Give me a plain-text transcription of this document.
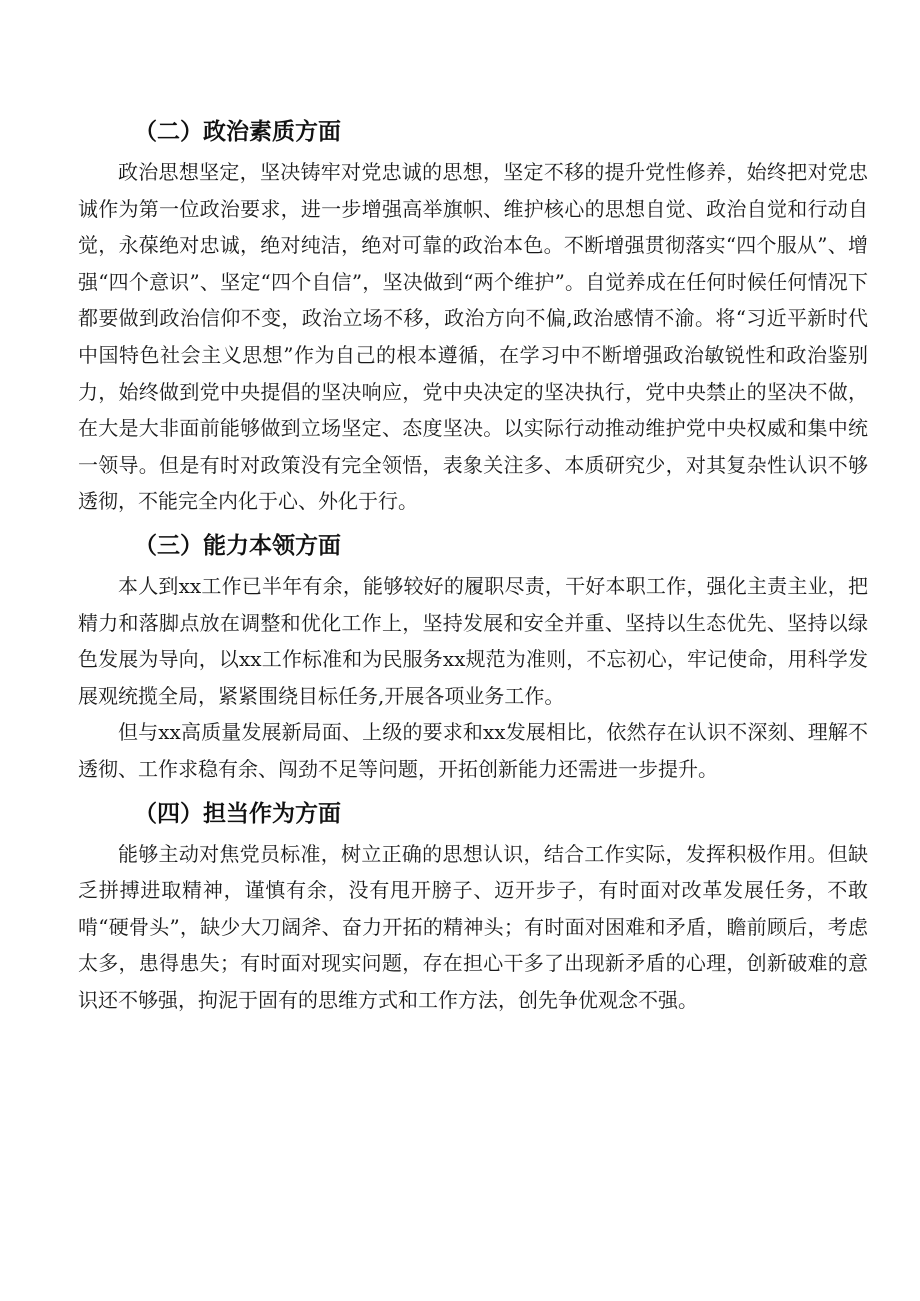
（二）政治素质方面

政治思想坚定，坚决铸牢对党忠诚的思想，坚定不移的提升党性修养，始终把对党忠诚作为第一位政治要求，进一步增强高举旗帜、维护核心的思想自觉、政治自觉和行动自觉，永葆绝对忠诚，绝对纯洁，绝对可靠的政治本色。不断增强贯彻落实“四个服从”、增强“四个意识”、坚定“四个自信”，坚决做到“两个维护”。自觉养成在任何时候任何情况下都要做到政治信仰不变，政治立场不移，政治方向不偏,政治感情不渝。将“习近平新时代中国特色社会主义思想”作为自己的根本遵循，在学习中不断增强政治敏锐性和政治鉴别力，始终做到党中央提倡的坚决响应，党中央决定的坚决执行，党中央禁止的坚决不做，在大是大非面前能够做到立场坚定、态度坚决。以实际行动推动维护党中央权威和集中统一领导。但是有时对政策没有完全领悟，表象关注多、本质研究少，对其复杂性认识不够透彻，不能完全内化于心、外化于行。

（三）能力本领方面

本人到xx工作已半年有余，能够较好的履职尽责，干好本职工作，强化主责主业，把精力和落脚点放在调整和优化工作上，坚持发展和安全并重、坚持以生态优先、坚持以绿色发展为导向，以xx工作标准和为民服务xx规范为准则，不忘初心，牢记使命，用科学发展观统揽全局，紧紧围绕目标任务,开展各项业务工作。

但与xx高质量发展新局面、上级的要求和xx发展相比，依然存在认识不深刻、理解不透彻、工作求稳有余、闯劲不足等问题，开拓创新能力还需进一步提升。

（四）担当作为方面

能够主动对焦党员标准，树立正确的思想认识，结合工作实际，发挥积极作用。但缺乏拼搏进取精神，谨慎有余，没有甩开膀子、迈开步子，有时面对改革发展任务，不敢啃“硬骨头”，缺少大刀阔斧、奋力开拓的精神头；有时面对困难和矛盾，瞻前顾后，考虑太多，患得患失；有时面对现实问题，存在担心干多了出现新矛盾的心理，创新破难的意识还不够强，拘泥于固有的思维方式和工作方法，创先争优观念不强。
